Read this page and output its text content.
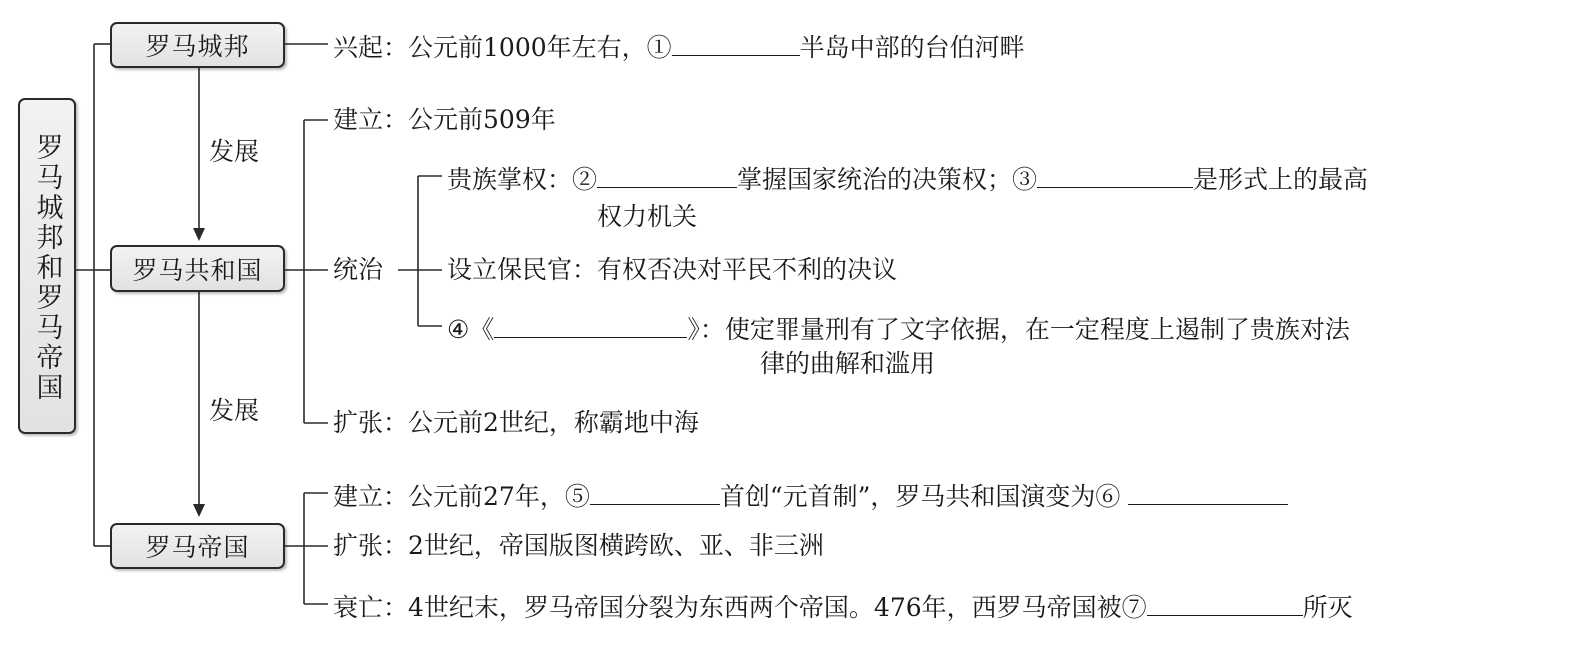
罗马城邦和罗马帝国
罗马城邦
罗马共和国
罗马帝国
发展
发展
兴起：公元前1000年左右，①	半岛中部的台伯河畔
建立：公元前509年
统治
贵族掌权：②	掌握国家统治的决策权；③	是形式上的最高
权力机关
设立保民官：有权否决对平民不利的决议
④《	》：使定罪量刑有了文字依据，在一定程度上遏制了贵族对法
律的曲解和滥用
扩张：公元前2世纪，称霸地中海
建立：公元前27年，⑤	首创“元首制”，罗马共和国演变为⑥
扩张：2世纪，帝国版图横跨欧、亚、非三洲
衰亡：4世纪末，罗马帝国分裂为东西两个帝国。476年，西罗马帝国被⑦	所灭
